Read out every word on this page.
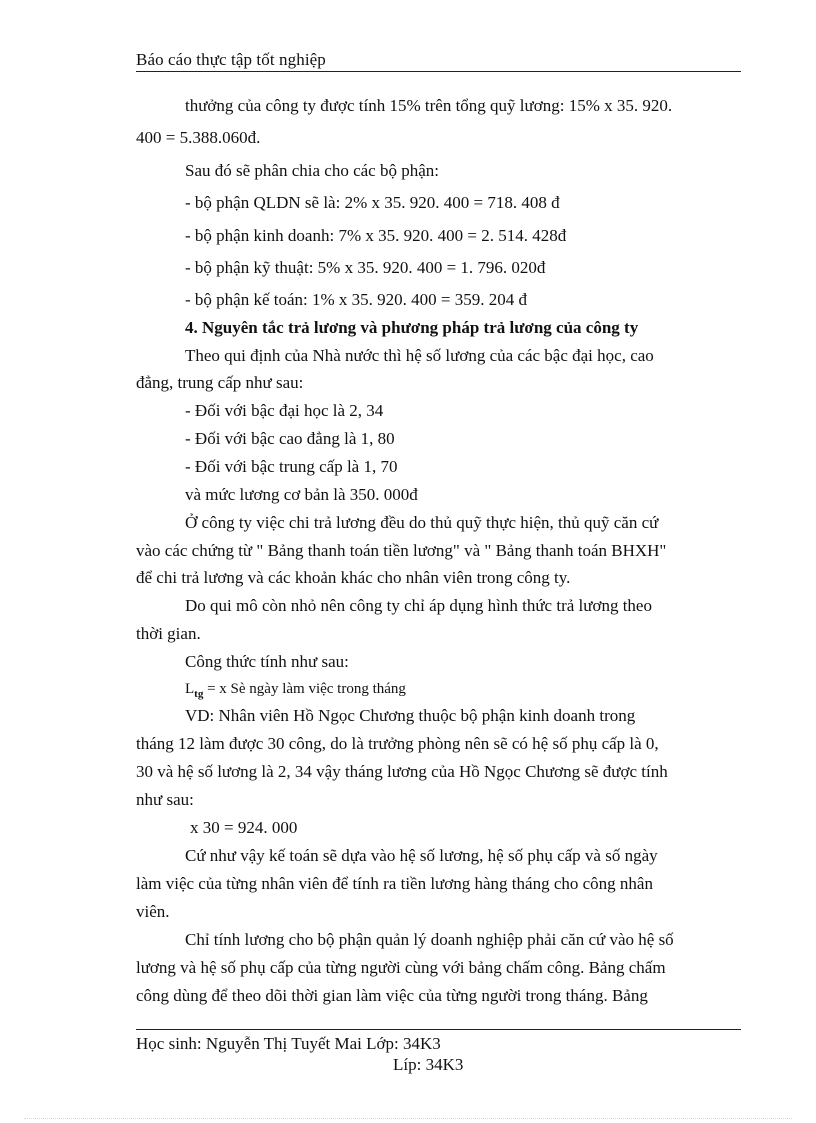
Báo cáo thực tập tốt nghiệp
thưởng của công ty được tính 15% trên tổng quỹ lương: 15% x 35. 920.
400 = 5.388.060đ.
Sau đó sẽ phân chia cho các bộ phận:
- bộ phận QLDN sẽ là: 2% x 35. 920. 400 = 718. 408 đ
- bộ phận kinh doanh: 7% x 35. 920. 400 = 2. 514. 428đ
- bộ phận kỹ thuật: 5% x 35. 920. 400 = 1. 796. 020đ
- bộ phận kế toán: 1% x 35. 920. 400 = 359. 204 đ
4. Nguyên tắc trả lương và phương pháp trả lương của công ty
Theo qui định của Nhà nước thì hệ số lương của các bậc đại học, cao
đẳng, trung cấp như sau:
- Đối với bậc đại học là 2, 34
- Đối với bậc cao đẳng là 1, 80
- Đối với bậc trung cấp là 1, 70
và mức lương cơ bản là 350. 000đ
Ở công ty việc chi trả lương đều do thủ quỹ thực hiện, thủ quỹ căn cứ
vào các chứng từ " Bảng thanh toán tiền lương" và " Bảng thanh toán BHXH"
để chi trả lương và các khoản khác cho nhân viên trong công ty.
Do qui mô còn nhỏ nên công ty chỉ áp dụng hình thức trả lương theo
thời gian.
Công thức tính như sau:
$L_{tg} = x$ Sè ngày làm việc trong tháng
VD: Nhân viên Hồ Ngọc Chương thuộc bộ phận kinh doanh trong
tháng 12 làm được 30 công, do là trưởng phòng nên sẽ có hệ số phụ cấp là 0,
30 và hệ số lương là 2, 34 vậy tháng lương của Hồ Ngọc Chương sẽ được tính
như sau:
x 30 = 924. 000
Cứ như vậy kế toán sẽ dựa vào hệ số lương, hệ số phụ cấp và số ngày
làm việc của từng nhân viên để tính ra tiền lương hàng tháng cho công nhân
viên.
Chỉ tính lương cho bộ phận quản lý doanh nghiệp phải căn cứ vào hệ số
lương và hệ số phụ cấp của từng người cùng với bảng chấm công. Bảng chấm
công dùng để theo dõi thời gian làm việc của từng người trong tháng. Bảng
Học sinh: Nguyễn Thị Tuyết Mai Lớp: 34K3
Líp: 34K3
